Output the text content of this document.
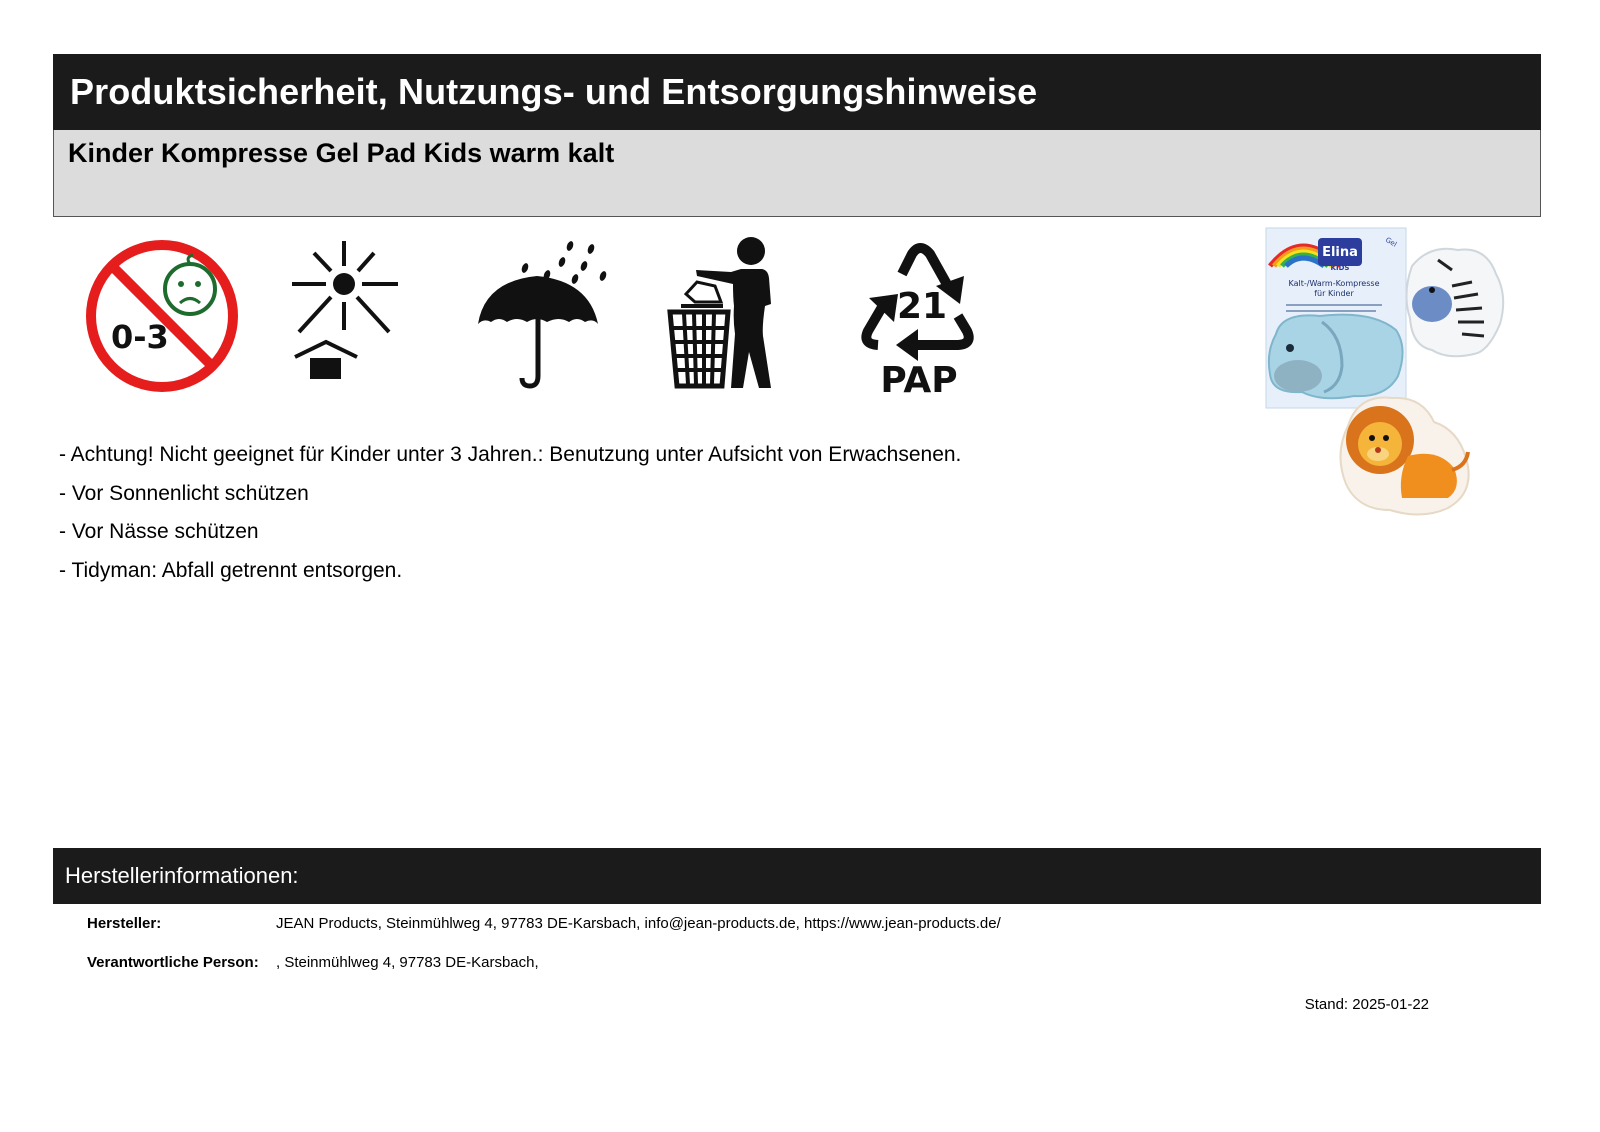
Produktsicherheit, Nutzungs- und Entsorgungshinweise
Kinder Kompresse Gel Pad Kids warm kalt
0-3
21
PAP
Elina
KIDS
Gel
Kalt-/Warm-Kompresse
für Kinder
- Achtung! Nicht geeignet für Kinder unter 3 Jahren.: Benutzung unter Aufsicht von Erwachsenen.
- Vor Sonnenlicht schützen
- Vor Nässe schützen
- Tidyman: Abfall getrennt entsorgen.
Herstellerinformationen:
Hersteller:	JEAN Products, Steinmühlweg 4, 97783 DE-Karsbach, info@jean-products.de, https://www.jean-products.de/
Verantwortliche Person: , Steinmühlweg 4, 97783 DE-Karsbach,
Stand: 2025-01-22
